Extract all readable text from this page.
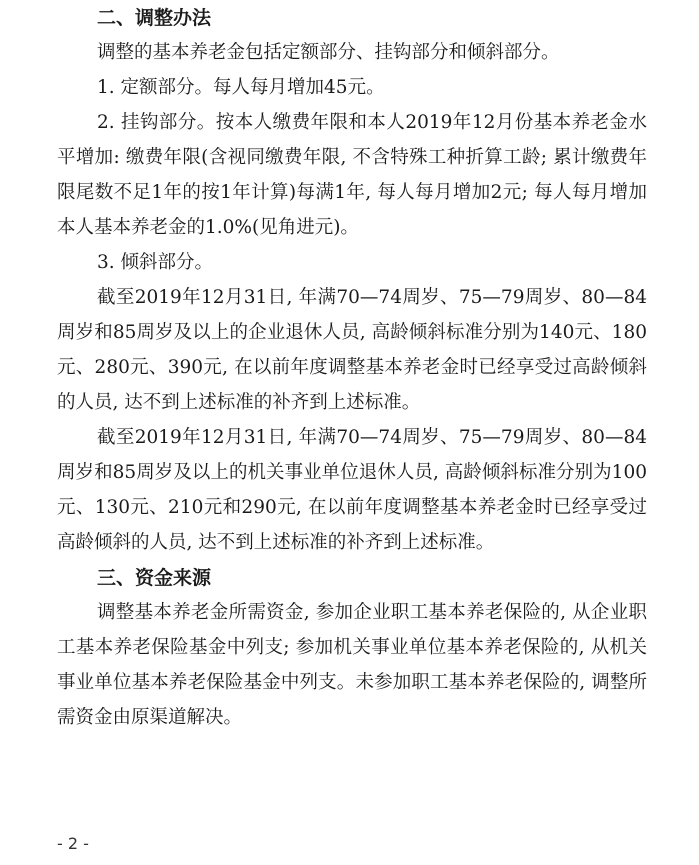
二、调整办法

调整的基本养老金包括定额部分、挂钩部分和倾斜部分。

1. 定额部分。每人每月增加45元。

2. 挂钩部分。按本人缴费年限和本人2019年12月份基本养老金水平增加: 缴费年限(含视同缴费年限, 不含特殊工种折算工龄; 累计缴费年限尾数不足1年的按1年计算)每满1年, 每人每月增加2元; 每人每月增加本人基本养老金的1.0%(见角进元)。

3. 倾斜部分。

截至2019年12月31日, 年满70—74周岁、75—79周岁、80—84周岁和85周岁及以上的企业退休人员, 高龄倾斜标准分别为140元、180元、280元、390元, 在以前年度调整基本养老金时已经享受过高龄倾斜的人员, 达不到上述标准的补齐到上述标准。

截至2019年12月31日, 年满70—74周岁、75—79周岁、80—84周岁和85周岁及以上的机关事业单位退休人员, 高龄倾斜标准分别为100元、130元、210元和290元, 在以前年度调整基本养老金时已经享受过高龄倾斜的人员, 达不到上述标准的补齐到上述标准。

三、资金来源

调整基本养老金所需资金, 参加企业职工基本养老保险的, 从企业职工基本养老保险基金中列支; 参加机关事业单位基本养老保险的, 从机关事业单位基本养老保险基金中列支。未参加职工基本养老保险的, 调整所需资金由原渠道解决。

- 2 -
